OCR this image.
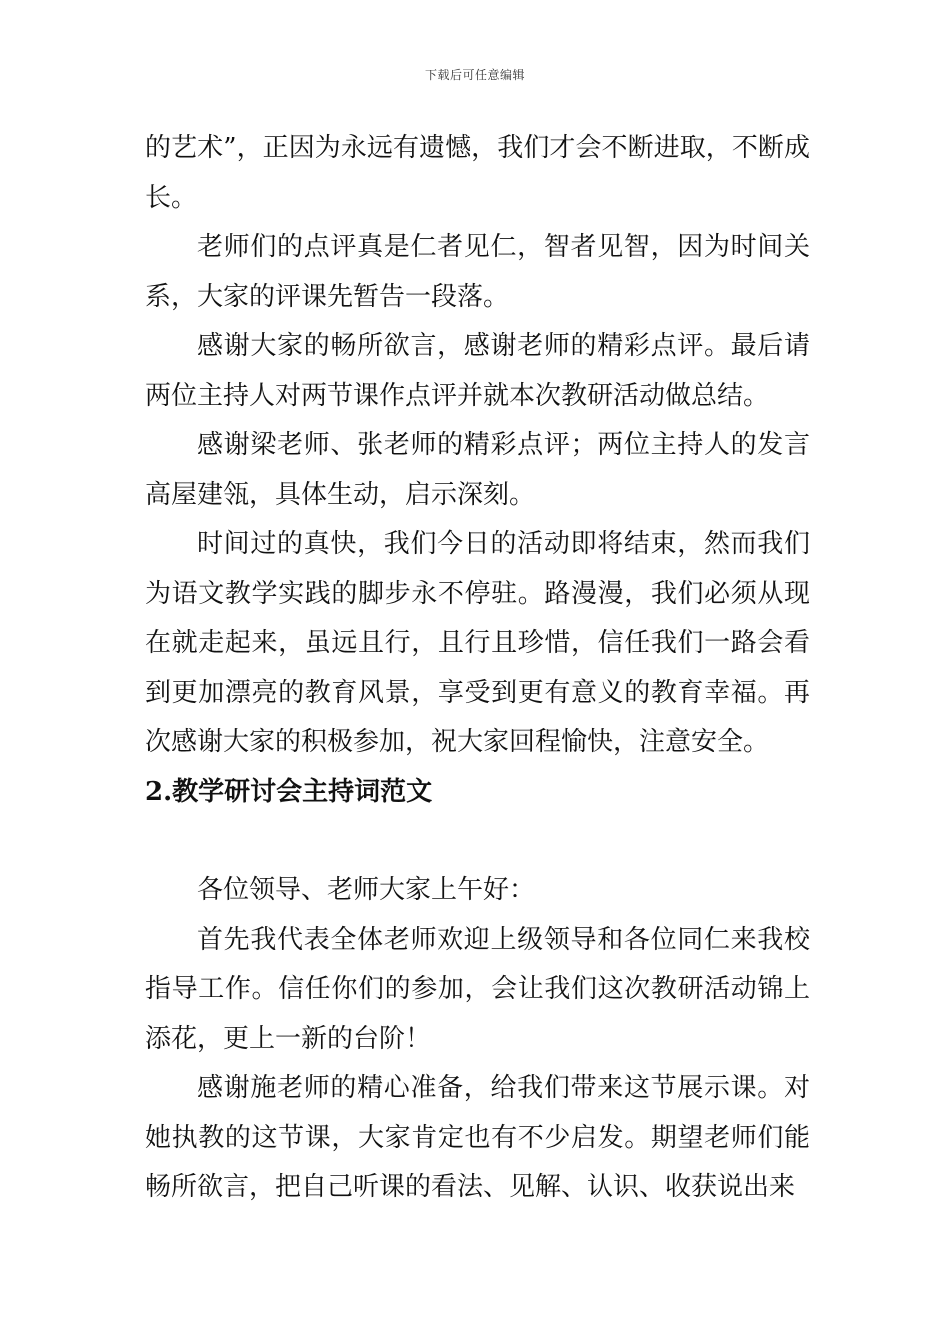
下载后可任意编辑

的艺术”，正因为永远有遗憾，我们才会不断进取，不断成长。

老师们的点评真是仁者见仁，智者见智，因为时间关系，大家的评课先暂告一段落。

感谢大家的畅所欲言，感谢老师的精彩点评。最后请两位主持人对两节课作点评并就本次教研活动做总结。

感谢梁老师、张老师的精彩点评；两位主持人的发言高屋建瓴，具体生动，启示深刻。

时间过的真快，我们今日的活动即将结束，然而我们为语文教学实践的脚步永不停驻。路漫漫，我们必须从现在就走起来，虽远且行，且行且珍惜，信任我们一路会看到更加漂亮的教育风景，享受到更有意义的教育幸福。再次感谢大家的积极参加，祝大家回程愉快，注意安全。

2.教学研讨会主持词范文

各位领导、老师大家上午好：

首先我代表全体老师欢迎上级领导和各位同仁来我校指导工作。信任你们的参加，会让我们这次教研活动锦上添花，更上一新的台阶！

感谢施老师的精心准备，给我们带来这节展示课。对她执教的这节课，大家肯定也有不少启发。期望老师们能畅所欲言，把自己听课的看法、见解、认识、收获说出来
